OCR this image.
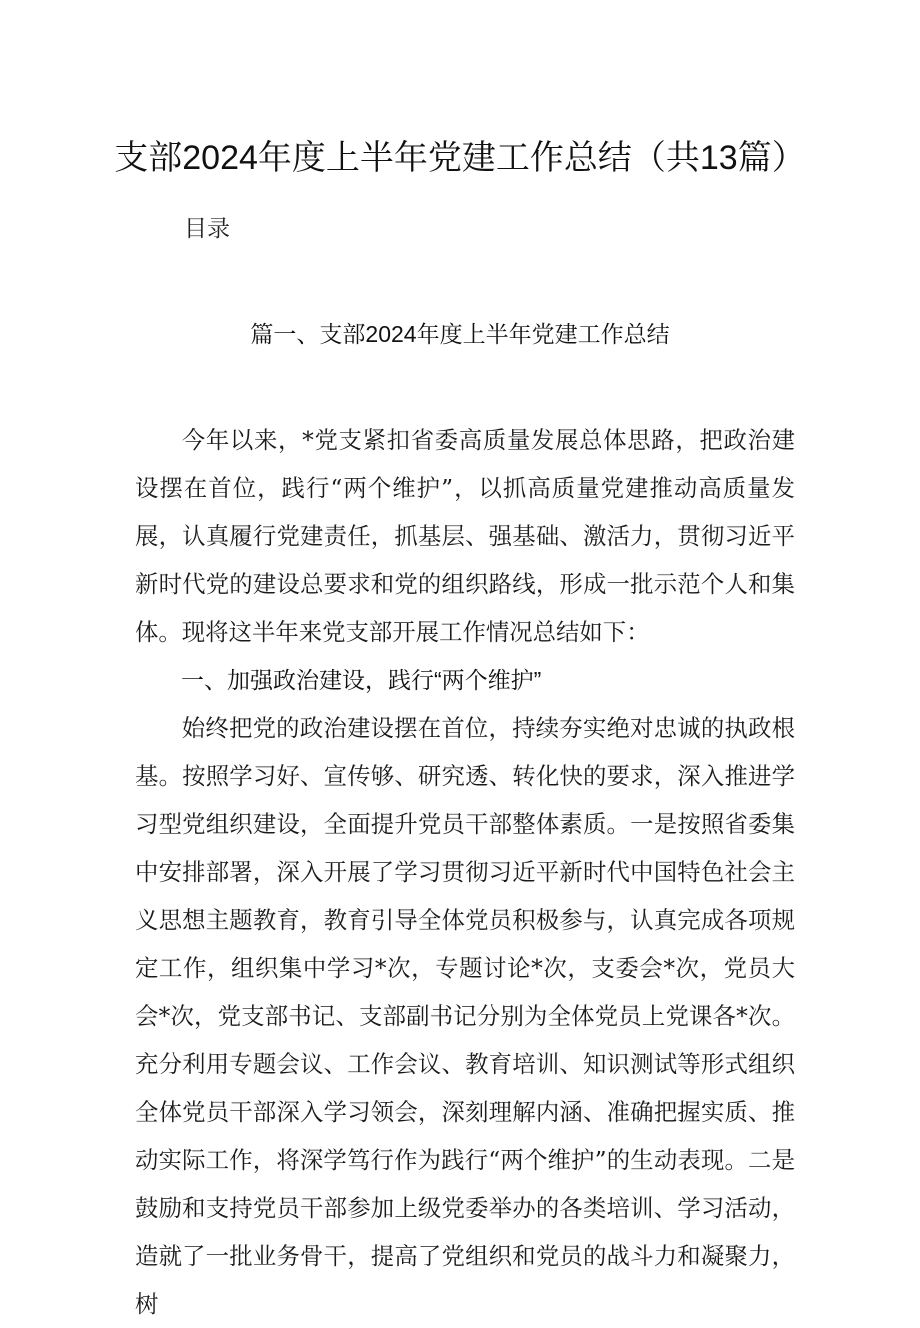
支部2024年度上半年党建工作总结（共13篇）
目录
篇一、支部2024年度上半年党建工作总结

今年以来，*党支紧扣省委高质量发展总体思路，把政治建设摆在首位，践行“两个维护”，以抓高质量党建推动高质量发展，认真履行党建责任，抓基层、强基础、激活力，贯彻习近平新时代党的建设总要求和党的组织路线，形成一批示范个人和集体。现将这半年来党支部开展工作情况总结如下：

一、加强政治建设，践行“两个维护”

始终把党的政治建设摆在首位，持续夯实绝对忠诚的执政根基。按照学习好、宣传够、研究透、转化快的要求，深入推进学习型党组织建设，全面提升党员干部整体素质。一是按照省委集中安排部署，深入开展了学习贯彻习近平新时代中国特色社会主义思想主题教育，教育引导全体党员积极参与，认真完成各项规定工作，组织集中学习*次，专题讨论*次，支委会*次，党员大会*次，党支部书记、支部副书记分别为全体党员上党课各*次。充分利用专题会议、工作会议、教育培训、知识测试等形式组织全体党员干部深入学习领会，深刻理解内涵、准确把握实质、推动实际工作，将深学笃行作为践行“两个维护”的生动表现。二是鼓励和支持党员干部参加上级党委举办的各类培训、学习活动，造就了一批业务骨干，提高了党组织和党员的战斗力和凝聚力，树
